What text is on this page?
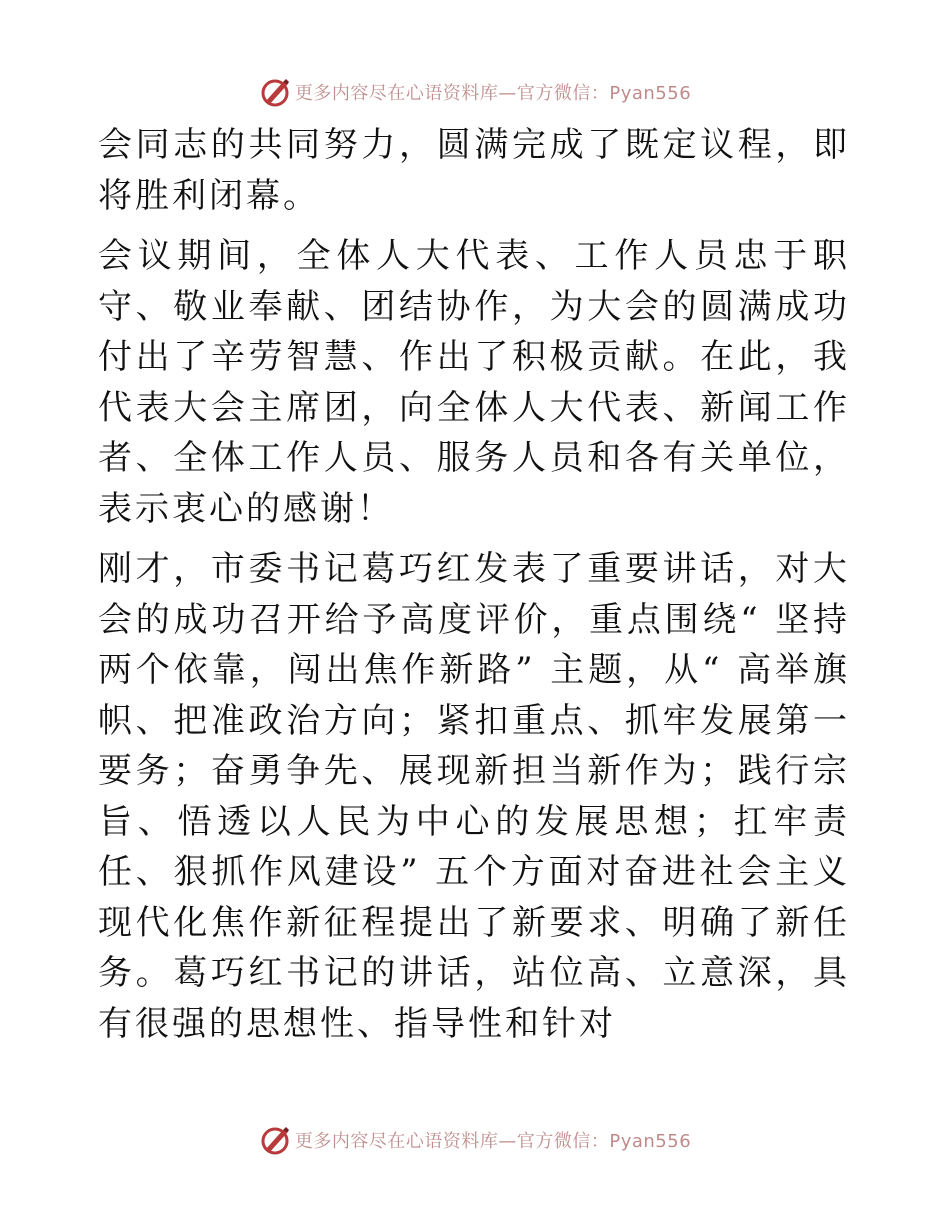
更多内容尽在心语资料库—官方微信：Pyan556

会同志的共同努力，圆满完成了既定议程，即将胜利闭幕。

会议期间，全体人大代表、工作人员忠于职守、敬业奉献、团结协作，为大会的圆满成功付出了辛劳智慧、作出了积极贡献。在此，我代表大会主席团，向全体人大代表、新闻工作者、全体工作人员、服务人员和各有关单位，表示衷心的感谢！

刚才，市委书记葛巧红发表了重要讲话，对大会的成功召开给予高度评价，重点围绕“ 坚持两个依靠，闯出焦作新路” 主题，从“ 高举旗帜、把准政治方向；紧扣重点、抓牢发展第一要务；奋勇争先、展现新担当新作为；践行宗旨、悟透以人民为中心的发展思想；扛牢责任、狠抓作风建设” 五个方面对奋进社会主义现代化焦作新征程提出了新要求、明确了新任务。葛巧红书记的讲话，站位高、立意深，具有很强的思想性、指导性和针对

更多内容尽在心语资料库—官方微信：Pyan556
